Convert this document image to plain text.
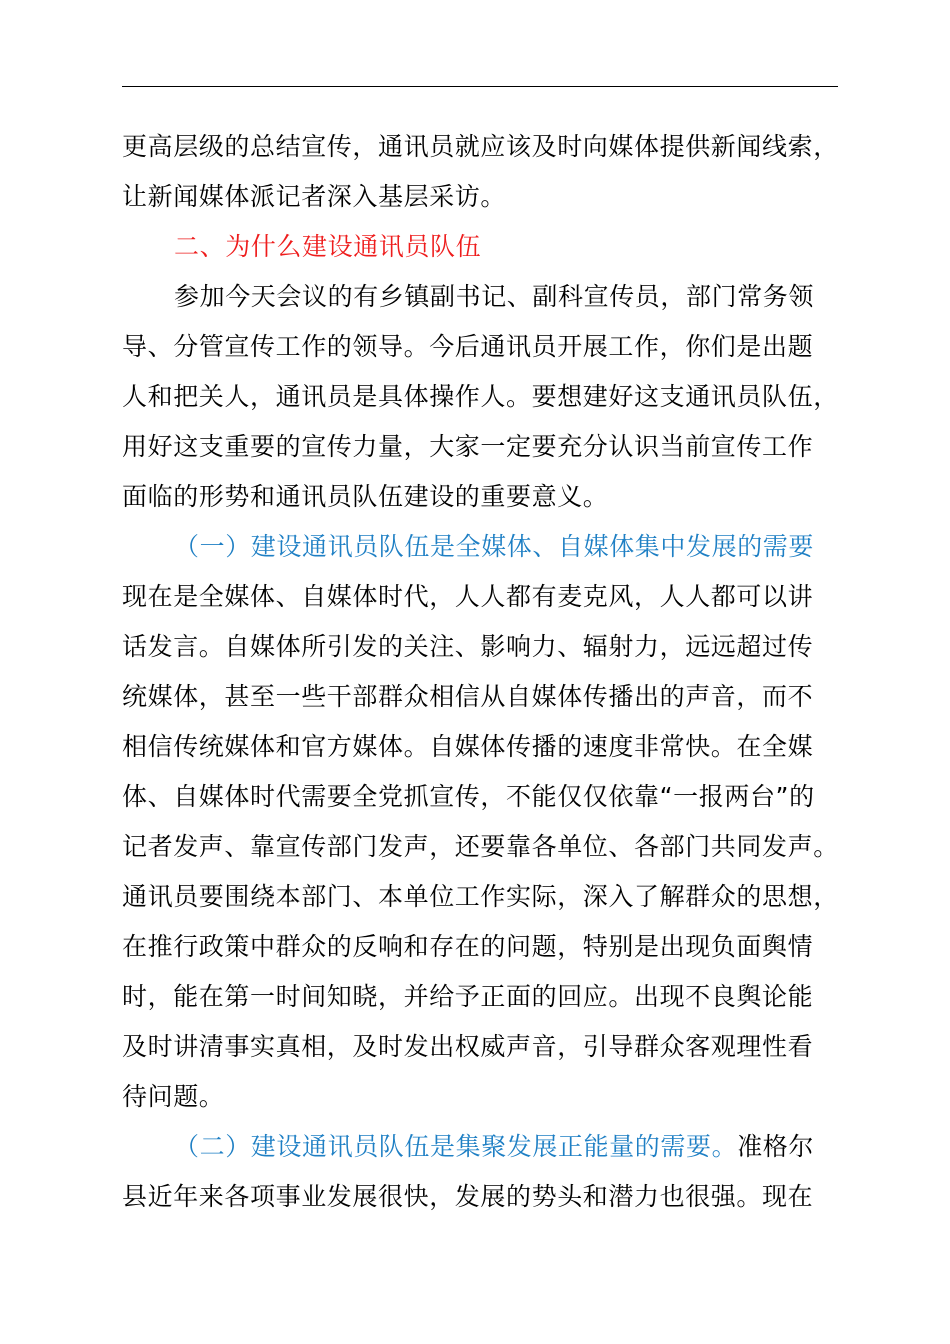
更高层级的总结宣传，通讯员就应该及时向媒体提供新闻线索，
让新闻媒体派记者深入基层采访。
二、为什么建设通讯员队伍
参加今天会议的有乡镇副书记、副科宣传员，部门常务领
导、分管宣传工作的领导。今后通讯员开展工作，你们是出题
人和把关人，通讯员是具体操作人。要想建好这支通讯员队伍，
用好这支重要的宣传力量，大家一定要充分认识当前宣传工作
面临的形势和通讯员队伍建设的重要意义。
（一）建设通讯员队伍是全媒体、自媒体集中发展的需要
现在是全媒体、自媒体时代，人人都有麦克风，人人都可以讲
话发言。自媒体所引发的关注、影响力、辐射力，远远超过传
统媒体，甚至一些干部群众相信从自媒体传播出的声音，而不
相信传统媒体和官方媒体。自媒体传播的速度非常快。在全媒
体、自媒体时代需要全党抓宣传，不能仅仅依靠“一报两台”的
记者发声、靠宣传部门发声，还要靠各单位、各部门共同发声。
通讯员要围绕本部门、本单位工作实际，深入了解群众的思想，
在推行政策中群众的反响和存在的问题，特别是出现负面舆情
时，能在第一时间知晓，并给予正面的回应。出现不良舆论能
及时讲清事实真相，及时发出权威声音，引导群众客观理性看
待问题。
（二）建设通讯员队伍是集聚发展正能量的需要。准格尔
县近年来各项事业发展很快，发展的势头和潜力也很强。现在
